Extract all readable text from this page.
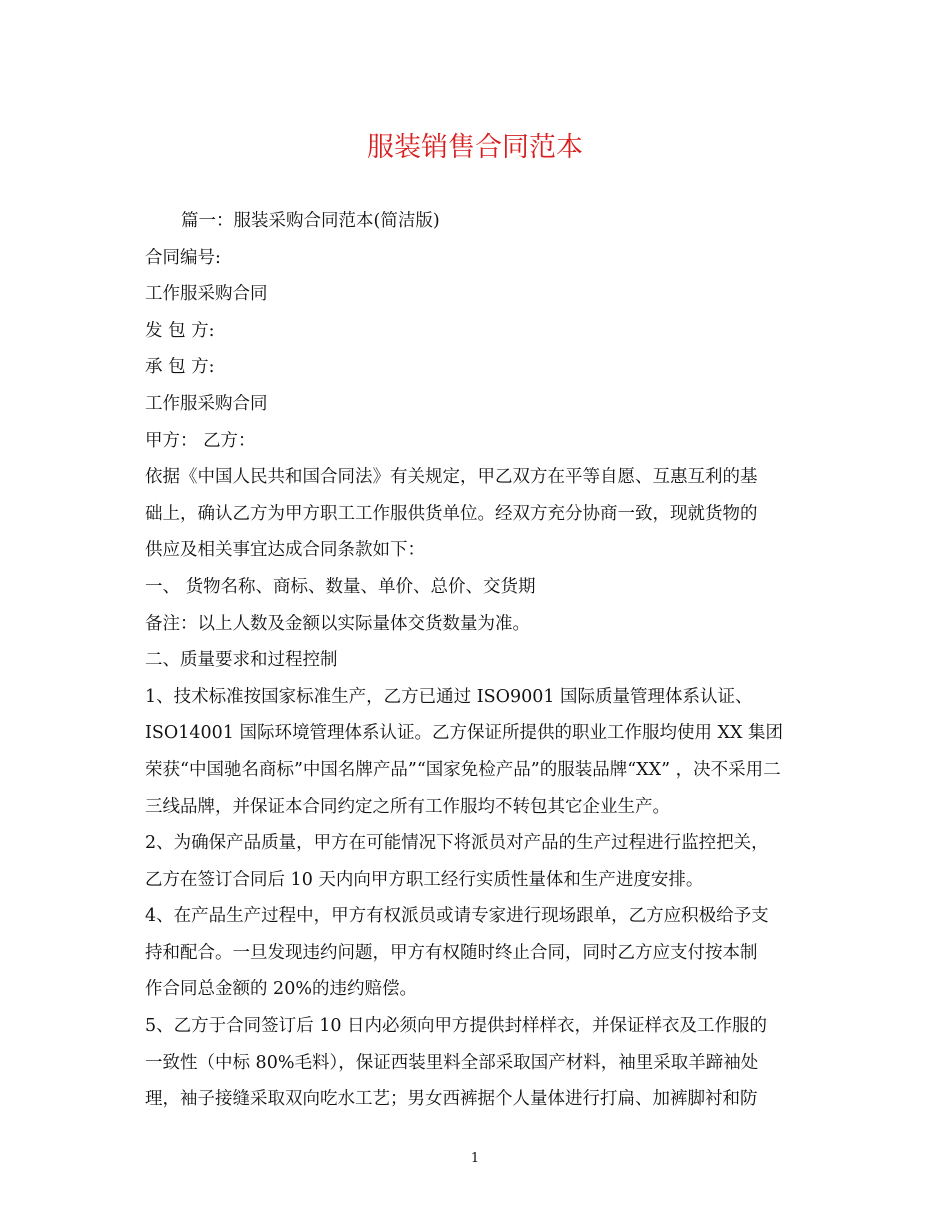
服装销售合同范本
篇一：服装采购合同范本(简洁版)
合同编号:
工作服采购合同
发 包 方:
承 包 方:
工作服采购合同
甲方： 乙方：
依据《中国人民共和国合同法》有关规定，甲乙双方在平等自愿、互惠互利的基
础上，确认乙方为甲方职工工作服供货单位。经双方充分协商一致，现就货物的
供应及相关事宜达成合同条款如下：
一、 货物名称、商标、数量、单价、总价、交货期
备注：以上人数及金额以实际量体交货数量为准。
二、质量要求和过程控制
1、技术标准按国家标准生产，乙方已通过 ISO9001 国际质量管理体系认证、
ISO14001 国际环境管理体系认证。乙方保证所提供的职业工作服均使用 XX 集团
荣获“中国驰名商标”中国名牌产品”“国家免检产品”的服装品牌“XX” ，决不采用二
三线品牌，并保证本合同约定之所有工作服均不转包其它企业生产。
2、为确保产品质量，甲方在可能情况下将派员对产品的生产过程进行监控把关，
乙方在签订合同后 10 天内向甲方职工经行实质性量体和生产进度安排。
4、在产品生产过程中，甲方有权派员或请专家进行现场跟单，乙方应积极给予支
持和配合。一旦发现违约问题，甲方有权随时终止合同，同时乙方应支付按本制
作合同总金额的 20%的违约赔偿。
5、乙方于合同签订后 10 日内必须向甲方提供封样样衣，并保证样衣及工作服的
一致性（中标 80%毛料），保证西装里料全部采取国产材料，袖里采取羊蹄袖处
理，袖子接缝采取双向吃水工艺；男女西裤据个人量体进行打扁、加裤脚衬和防
1
